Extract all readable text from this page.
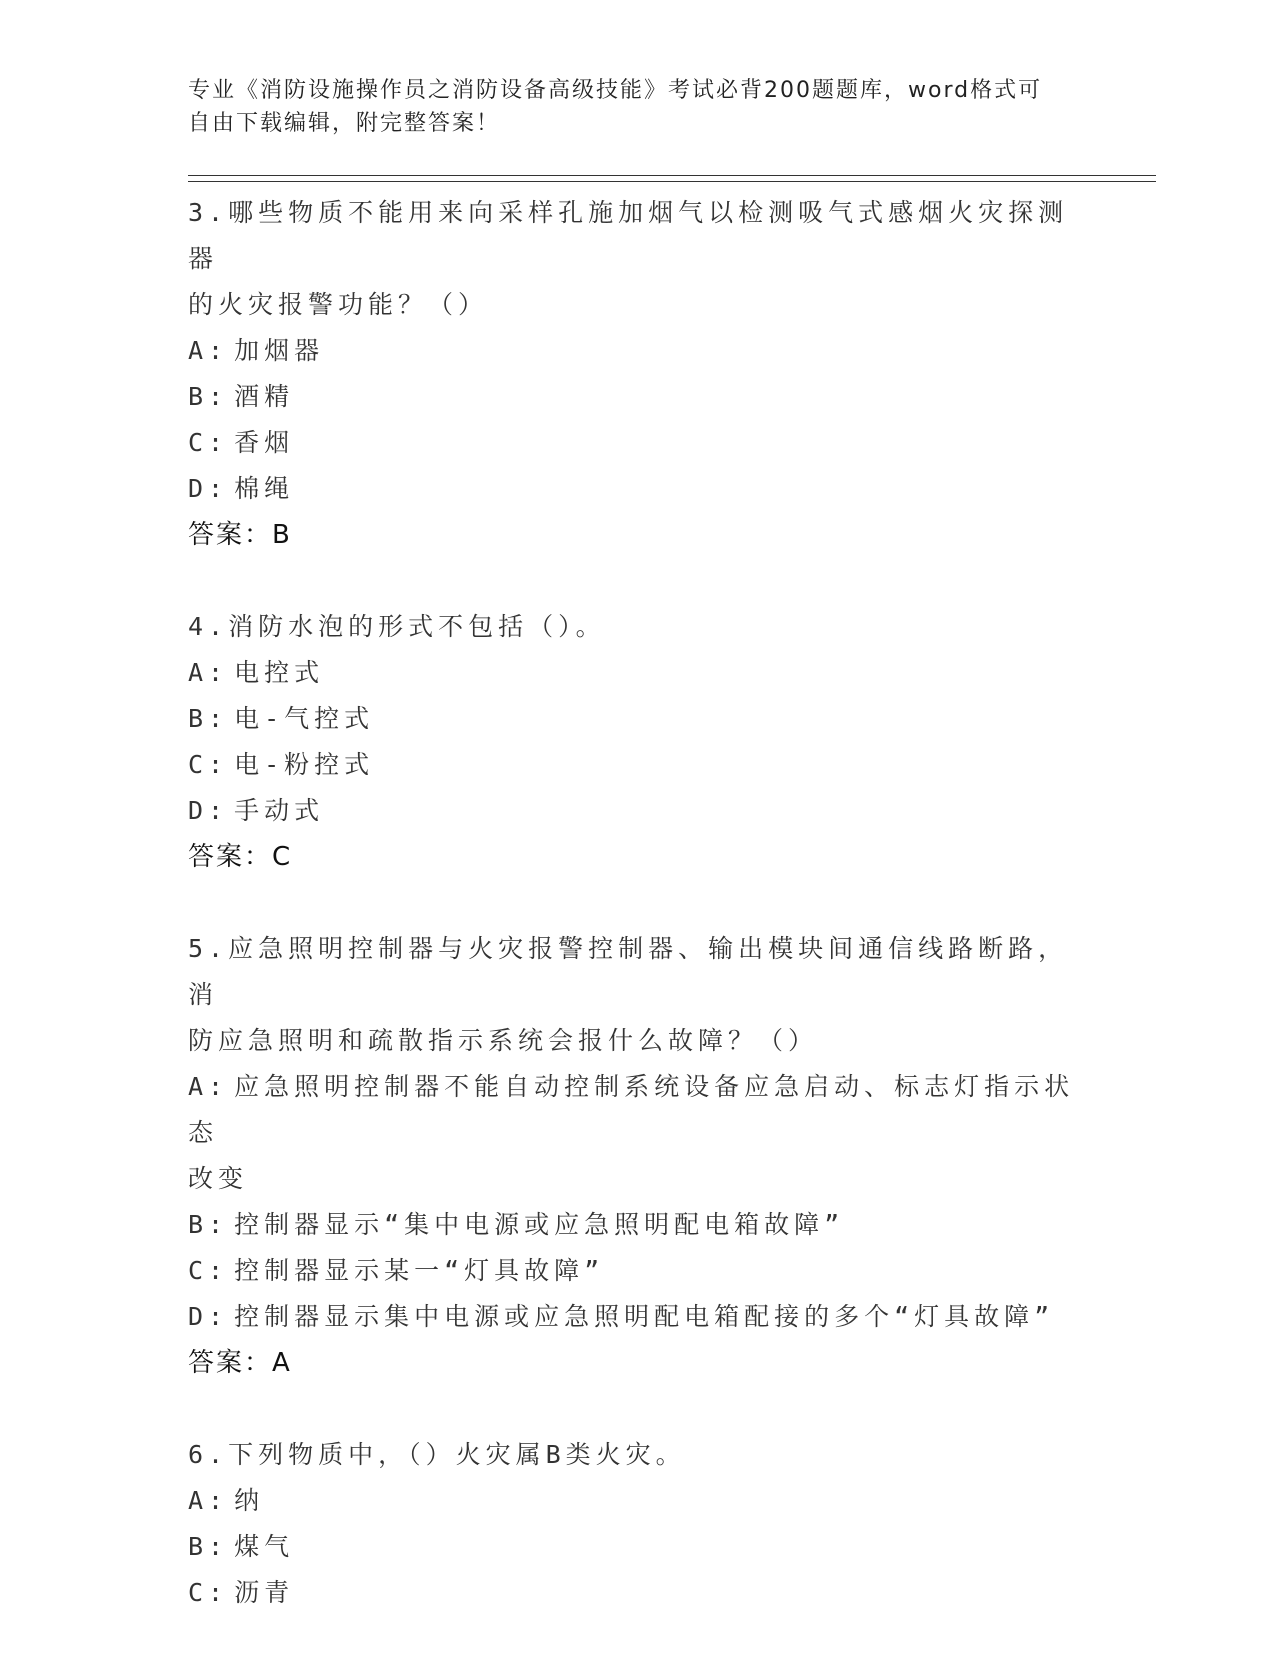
专业《消防设施操作员之消防设备高级技能》考试必背200题题库，word格式可
自由下载编辑，附完整答案！
3.哪些物质不能用来向采样孔施加烟气以检测吸气式感烟火灾探测器
的火灾报警功能？（）
A: 加烟器
B: 酒精
C: 香烟
D: 棉绳
答案：B
4.消防水泡的形式不包括（）。
A: 电控式
B: 电-气控式
C: 电-粉控式
D: 手动式
答案：C
5.应急照明控制器与火灾报警控制器、输出模块间通信线路断路，消
防应急照明和疏散指示系统会报什么故障？（）
A: 应急照明控制器不能自动控制系统设备应急启动、标志灯指示状态
改变
B: 控制器显示“集中电源或应急照明配电箱故障”
C: 控制器显示某一“灯具故障”
D: 控制器显示集中电源或应急照明配电箱配接的多个“灯具故障”
答案：A
6.下列物质中，（）火灾属B类火灾。
A: 纳
B: 煤气
C: 沥青
